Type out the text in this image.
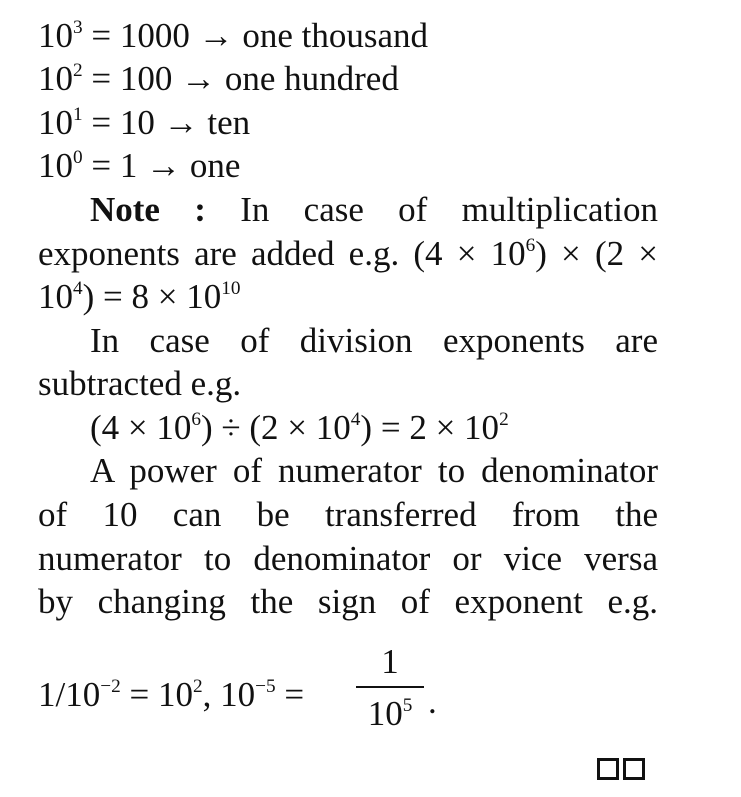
$10^3 = 1000$ → one thousand
$10^2 = 100$ → one hundred
$10^1 = 10$ → ten
$10^0 = 1$ → one
Note : In case of multiplication
exponents are added e.g. $(4 \times 10^6) \times (2$ ×
$10^4) = 8 \times 10^{10}$
In case of division exponents are
subtracted e.g.
$(4 \times 10^6) \div (2 \times 10^4) = 2 \times 10^2$
A power of numerator to denominator
of 10 can be transferred from the
numerator to denominator or vice versa
by changing the sign of exponent e.g.
$1/10^{-2} = 10^2$, $10^{-5}$ =
1
$10^5$ .
